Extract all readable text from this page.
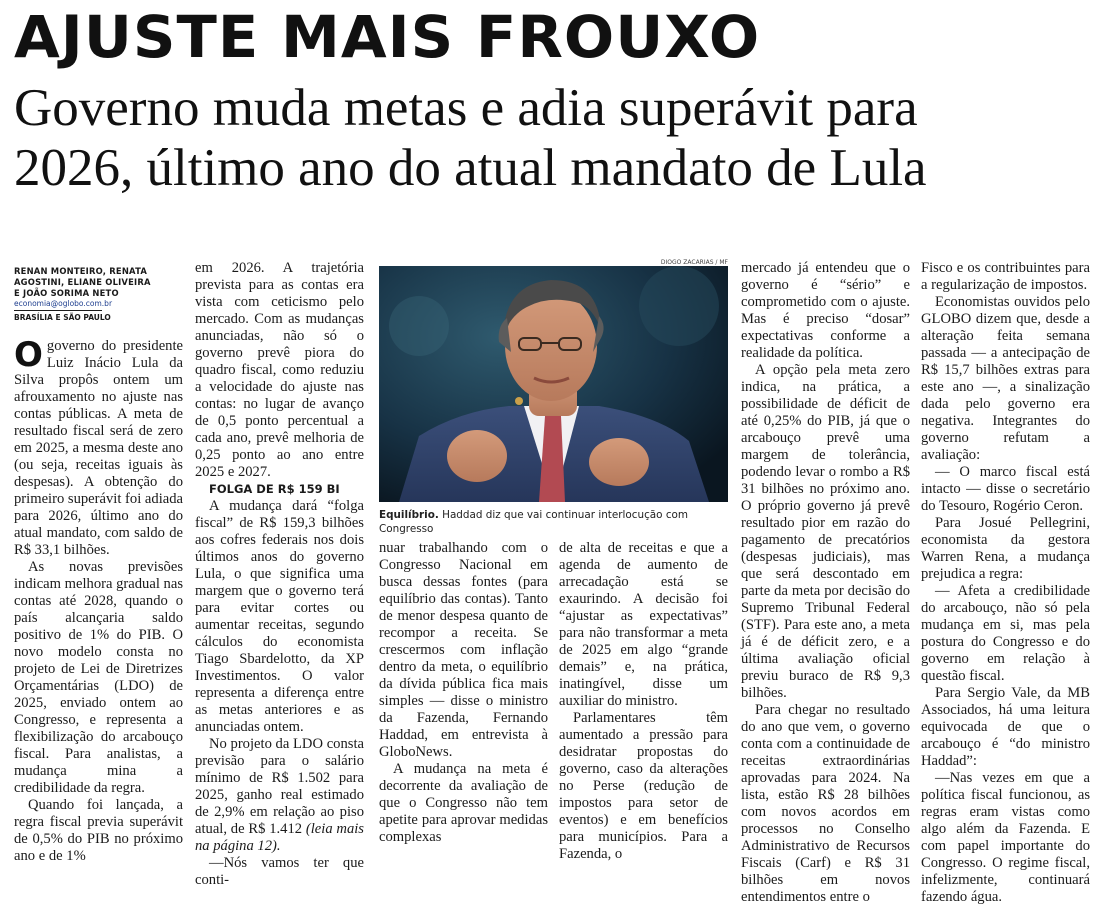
AJUSTE MAIS FROUXO
Governo muda metas e adia superávit para
2026, último ano do atual mandato de Lula
RENAN MONTEIRO, RENATA
AGOSTINI, ELIANE OLIVEIRA
E JOÃO SORIMA NETO
economia@oglobo.com.br
BRASÍLIA E SÃO PAULO

Ogoverno do presidente Luiz Inácio Lula da Silva propôs ontem um afrouxamento no ajuste nas contas públicas. A meta de resultado fiscal será de zero em 2025, a mesma deste ano (ou seja, receitas iguais às despesas). A obtenção do primeiro superávit foi adiada para 2026, último ano do atual mandato, com saldo de R$ 33,1 bilhões.

As novas previsões indicam melhora gradual nas contas até 2028, quando o país alcançaria saldo positivo de 1% do PIB. O novo modelo consta no projeto de Lei de Diretrizes Orçamentárias (LDO) de 2025, enviado ontem ao Congresso, e representa a flexibilização do arcabouço fiscal. Para analistas, a mudança mina a credibilidade da regra.

Quando foi lançada, a regra fiscal previa superávit de 0,5% do PIB no próximo ano e de 1%

em 2026. A trajetória prevista para as contas era vista com ceticismo pelo mercado. Com as mudanças anunciadas, não só o governo prevê piora do quadro fiscal, como reduziu a velocidade do ajuste nas contas: no lugar de avanço de 0,5 ponto percentual a cada ano, prevê melhoria de 0,25 ponto ao ano entre 2025 e 2027.

FOLGA DE R$ 159 BI

A mudança dará “folga fiscal” de R$ 159,3 bilhões aos cofres federais nos dois últimos anos do governo Lula, o que significa uma margem que o governo terá para evitar cortes ou aumentar receitas, segundo cálculos do economista Tiago Sbardelotto, da XP Investimentos. O valor representa a diferença entre as metas anteriores e as anunciadas ontem.

No projeto da LDO consta previsão para o salário mínimo de R$ 1.502 para 2025, ganho real estimado de 2,9% em relação ao piso atual, de R$ 1.412 (leia mais na página 12).

—Nós vamos ter que conti-

DIOGO ZACARIAS / MF
Equilíbrio. Haddad diz que vai continuar interlocução com Congresso

nuar trabalhando com o Congresso Nacional em busca dessas fontes (para equilíbrio das contas). Tanto de menor despesa quanto de recompor a receita. Se crescermos com inflação dentro da meta, o equilíbrio da dívida pública fica mais simples — disse o ministro da Fazenda, Fernando Haddad, em entrevista à GloboNews.

A mudança na meta é decorrente da avaliação de que o Congresso não tem apetite para aprovar medidas complexas

de alta de receitas e que a agenda de aumento de arrecadação está se exaurindo. A decisão foi “ajustar as expectativas” para não transformar a meta de 2025 em algo “grande demais” e, na prática, inatingível, disse um auxiliar do ministro.

Parlamentares têm aumentado a pressão para desidratar propostas do governo, caso da alterações no Perse (redução de impostos para setor de eventos) e em benefícios para municípios. Para a Fazenda, o

mercado já entendeu que o governo é “sério” e comprometido com o ajuste. Mas é preciso “dosar” expectativas conforme a realidade da política.

A opção pela meta zero indica, na prática, a possibilidade de déficit de até 0,25% do PIB, já que o arcabouço prevê uma margem de tolerância, podendo levar o rombo a R$ 31 bilhões no próximo ano. O próprio governo já prevê resultado pior em razão do pagamento de precatórios (despesas judiciais), mas que será descontado em parte da meta por decisão do Supremo Tribunal Federal (STF). Para este ano, a meta já é de déficit zero, e a última avaliação oficial previu buraco de R$ 9,3 bilhões.

Para chegar no resultado do ano que vem, o governo conta com a continuidade de receitas extraordinárias aprovadas para 2024. Na lista, estão R$ 28 bilhões com novos acordos em processos no Conselho Administrativo de Recursos Fiscais (Carf) e R$ 31 bilhões em novos entendimentos entre o

Fisco e os contribuintes para a regularização de impostos.

Economistas ouvidos pelo GLOBO dizem que, desde a alteração feita semana passada — a antecipação de R$ 15,7 bilhões extras para este ano —, a sinalização dada pelo governo era negativa. Integrantes do governo refutam a avaliação:

— O marco fiscal está intacto — disse o secretário do Tesouro, Rogério Ceron.

Para Josué Pellegrini, economista da gestora Warren Rena, a mudança prejudica a regra:

— Afeta a credibilidade do arcabouço, não só pela mudança em si, mas pela postura do Congresso e do governo em relação à questão fiscal.

Para Sergio Vale, da MB Associados, há uma leitura equivocada de que o arcabouço é “do ministro Haddad”:

—Nas vezes em que a política fiscal funcionou, as regras eram vistas como algo além da Fazenda. E com papel importante do Congresso. O regime fiscal, infelizmente, continuará fazendo água.
